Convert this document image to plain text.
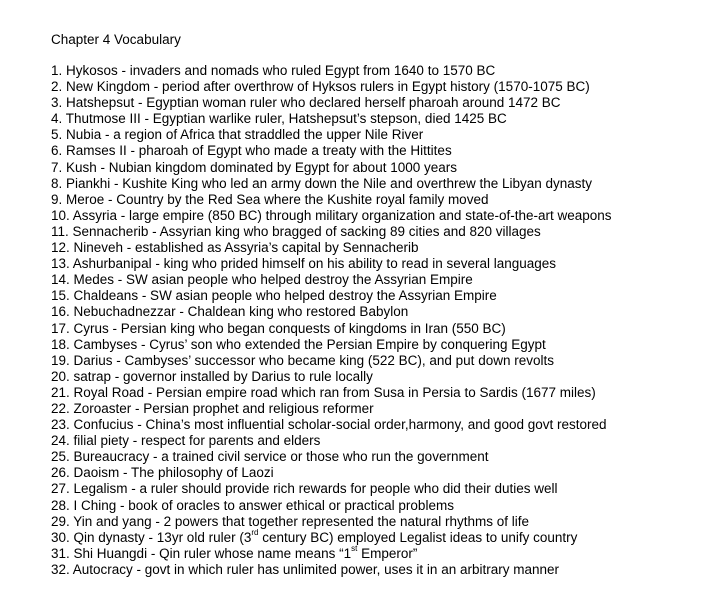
Chapter 4 Vocabulary
1. Hykosos - invaders and nomads who ruled Egypt from 1640 to 1570 BC
2. New Kingdom - period after overthrow of Hyksos rulers in Egypt history (1570-1075 BC)
3. Hatshepsut - Egyptian woman ruler who declared herself pharoah around 1472 BC
4. Thutmose III - Egyptian warlike ruler, Hatshepsut’s stepson, died 1425 BC
5. Nubia - a region of Africa that straddled the upper Nile River
6. Ramses II - pharoah of Egypt who made a treaty with the Hittites
7. Kush - Nubian kingdom dominated by Egypt for about 1000 years
8. Piankhi - Kushite King who led an army down the Nile and overthrew the Libyan dynasty
9. Meroe - Country by the Red Sea where the Kushite royal family moved
10. Assyria - large empire (850 BC) through military organization and state-of-the-art weapons
11. Sennacherib - Assyrian king who bragged of sacking 89 cities and 820 villages
12. Nineveh - established as Assyria’s capital by Sennacherib
13. Ashurbanipal - king who prided himself on his ability to read in several languages
14. Medes - SW asian people who helped destroy the Assyrian Empire
15. Chaldeans - SW asian people who helped destroy the Assyrian Empire
16. Nebuchadnezzar - Chaldean king who restored Babylon
17. Cyrus - Persian king who began conquests of kingdoms in Iran (550 BC)
18. Cambyses - Cyrus’ son who extended the Persian Empire by conquering Egypt
19. Darius - Cambyses’ successor who became king (522 BC), and put down revolts
20. satrap - governor installed by Darius to rule locally
21. Royal Road - Persian empire road which ran from Susa in Persia to Sardis (1677 miles)
22. Zoroaster - Persian prophet and religious reformer
23. Confucius - China’s most influential scholar-social order,harmony, and good govt restored
24. filial piety - respect for parents and elders
25. Bureaucracy - a trained civil service or those who run the government
26. Daoism - The philosophy of Laozi
27. Legalism - a ruler should provide rich rewards for people who did their duties well
28. I Ching - book of oracles to answer ethical or practical problems
29. Yin and yang - 2 powers that together represented the natural rhythms of life
30. Qin dynasty - 13yr old ruler (3rd century BC) employed Legalist ideas to unify country
31. Shi Huangdi - Qin ruler whose name means “1st Emperor”
32. Autocracy - govt in which ruler has unlimited power, uses it in an arbitrary manner
